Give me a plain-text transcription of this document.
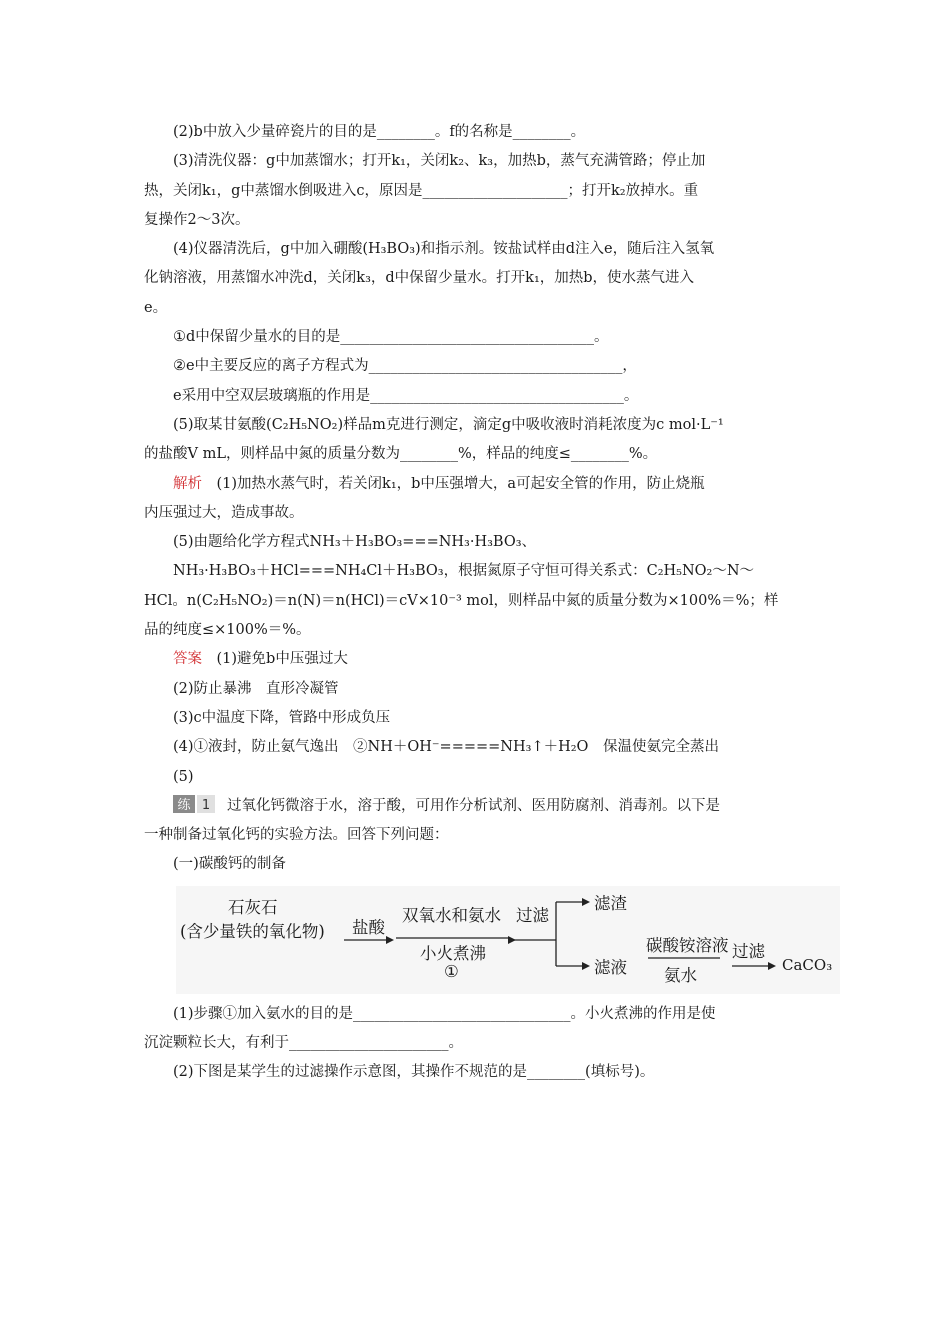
(2)b中放入少量碎瓷片的目的是________。f的名称是________。
(3)清洗仪器：g中加蒸馏水；打开k₁，关闭k₂、k₃，加热b，蒸气充满管路；停止加
热，关闭k₁，g中蒸馏水倒吸进入c，原因是____________________；打开k₂放掉水。重
复操作2～3次。
(4)仪器清洗后，g中加入硼酸(H₃BO₃)和指示剂。铵盐试样由d注入e，随后注入氢氧
化钠溶液，用蒸馏水冲洗d，关闭k₃，d中保留少量水。打开k₁，加热b，使水蒸气进入
e。
①d中保留少量水的目的是___________________________________。
②e中主要反应的离子方程式为___________________________________，
e采用中空双层玻璃瓶的作用是___________________________________。
(5)取某甘氨酸(C₂H₅NO₂)样品m克进行测定，滴定g中吸收液时消耗浓度为c mol·L⁻¹
的盐酸V mL，则样品中氮的质量分数为________%，样品的纯度≤________%。
解析　 (1)加热水蒸气时，若关闭k₁，b中压强增大，a可起安全管的作用，防止烧瓶
内压强过大，造成事故。
(5)由题给化学方程式NH₃＋H₃BO₃===NH₃·H₃BO₃、
NH₃·H₃BO₃＋HCl===NH₄Cl＋H₃BO₃，根据氮原子守恒可得关系式：C₂H₅NO₂～N～
HCl。n(C₂H₅NO₂)＝n(N)＝n(HCl)＝cV×10⁻³ mol，则样品中氮的质量分数为×100%＝%；样
品的纯度≤×100%＝%。
答案　 (1)避免b中压强过大
(2)防止暴沸　直形冷凝管
(3)c中温度下降，管路中形成负压
(4)①液封，防止氨气逸出　②NH＋OH⁻=====NH₃↑＋H₂O　保温使氨完全蒸出
(5)
练 1 过氧化钙微溶于水，溶于酸，可用作分析试剂、医用防腐剂、消毒剂。以下是
一种制备过氧化钙的实验方法。回答下列问题：
(一)碳酸钙的制备
石灰石
(含少量铁的氧化物) 盐酸
双氧水和氨水
小火煮沸
①
过滤
滤渣
滤液
碳酸铵溶液
氨水
过滤
CaCO₃
(1)步骤①加入氨水的目的是______________________________。小火煮沸的作用是使
沉淀颗粒长大，有利于______________________。
(2)下图是某学生的过滤操作示意图，其操作不规范的是________(填标号)。
